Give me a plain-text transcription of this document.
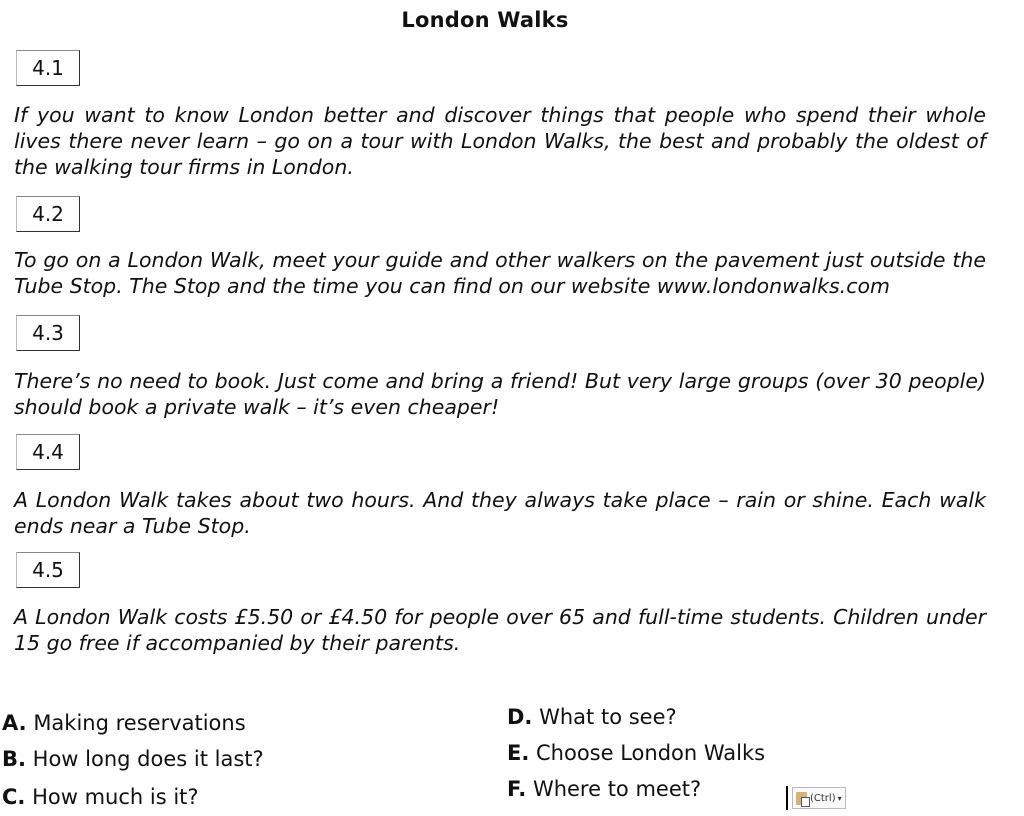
London Walks
4.1
If you want to know London better and discover things that people who spend their whole lives there never learn – go on a tour with London Walks, the best and probably the oldest of the walking tour firms in London.
4.2
To go on a London Walk, meet your guide and other walkers on the pavement just outside the Tube Stop. The Stop and the time you can find on our website www.londonwalks.com
4.3
There’s no need to book. Just come and bring a friend! But very large groups (over 30 people) should book a private walk – it’s even cheaper!
4.4
A London Walk takes about two hours. And they always take place – rain or shine. Each walk ends near a Tube Stop.
4.5
A London Walk costs £5.50 or £4.50 for people over 65 and full-time students. Children under 15 go free if accompanied by their parents.
A. Making reservations
B. How long does it last?
C. How much is it?
D. What to see?
E. Choose London Walks
F. Where to meet?	(Ctrl) ▾
